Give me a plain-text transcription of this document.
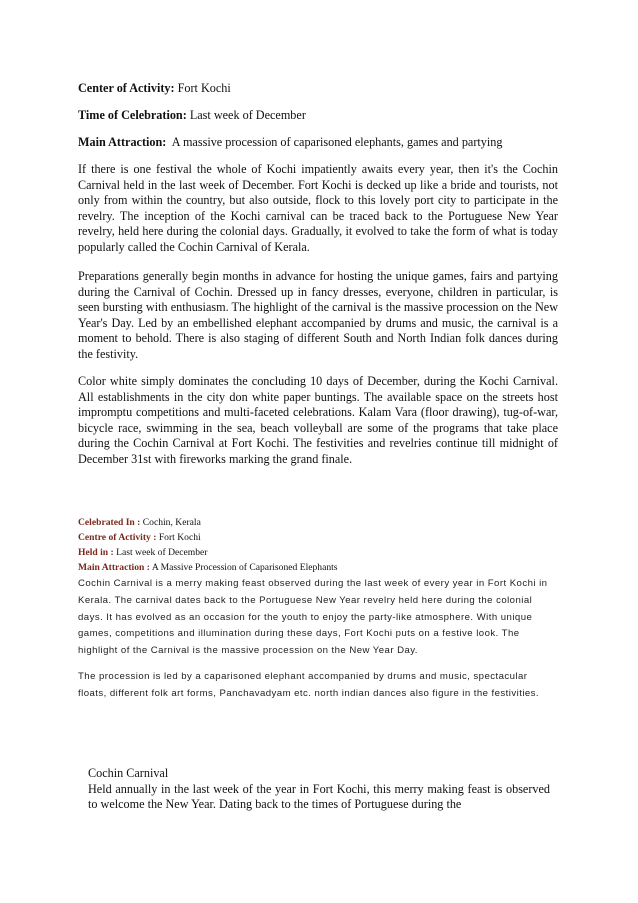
Center of Activity: Fort Kochi
Time of Celebration: Last week of December
Main Attraction: A massive procession of caparisoned elephants, games and partying

If there is one festival the whole of Kochi impatiently awaits every year, then it's the Cochin Carnival held in the last week of December. Fort Kochi is decked up like a bride and tourists, not only from within the country, but also outside, flock to this lovely port city to participate in the revelry. The inception of the Kochi carnival can be traced back to the Portuguese New Year revelry, held here during the colonial days. Gradually, it evolved to take the form of what is today popularly called the Cochin Carnival of Kerala.

Preparations generally begin months in advance for hosting the unique games, fairs and partying during the Carnival of Cochin. Dressed up in fancy dresses, everyone, children in particular, is seen bursting with enthusiasm. The highlight of the carnival is the massive procession on the New Year's Day. Led by an embellished elephant accompanied by drums and music, the carnival is a moment to behold. There is also staging of different South and North Indian folk dances during the festivity.

Color white simply dominates the concluding 10 days of December, during the Kochi Carnival. All establishments in the city don white paper buntings. The available space on the streets host impromptu competitions and multi-faceted celebrations. Kalam Vara (floor drawing), tug-of-war, bicycle race, swimming in the sea, beach volleyball are some of the programs that take place during the Cochin Carnival at Fort Kochi. The festivities and revelries continue till midnight of December 31st with fireworks marking the grand finale.

Celebrated In : Cochin, Kerala
Centre of Activity : Fort Kochi
Held in : Last week of December
Main Attraction : A Massive Procession of Caparisoned Elephants

Cochin Carnival is a merry making feast observed during the last week of every year in Fort Kochi in Kerala. The carnival dates back to the Portuguese New Year revelry held here during the colonial days. It has evolved as an occasion for the youth to enjoy the party-like atmosphere. With unique games, competitions and illumination during these days, Fort Kochi puts on a festive look. The highlight of the Carnival is the massive procession on the New Year Day.

The procession is led by a caparisoned elephant accompanied by drums and music, spectacular floats, different folk art forms, Panchavadyam etc. north indian dances also figure in the festivities.

Cochin Carnival

Held annually in the last week of the year in Fort Kochi, this merry making feast is observed to welcome the New Year. Dating back to the times of Portuguese during the
